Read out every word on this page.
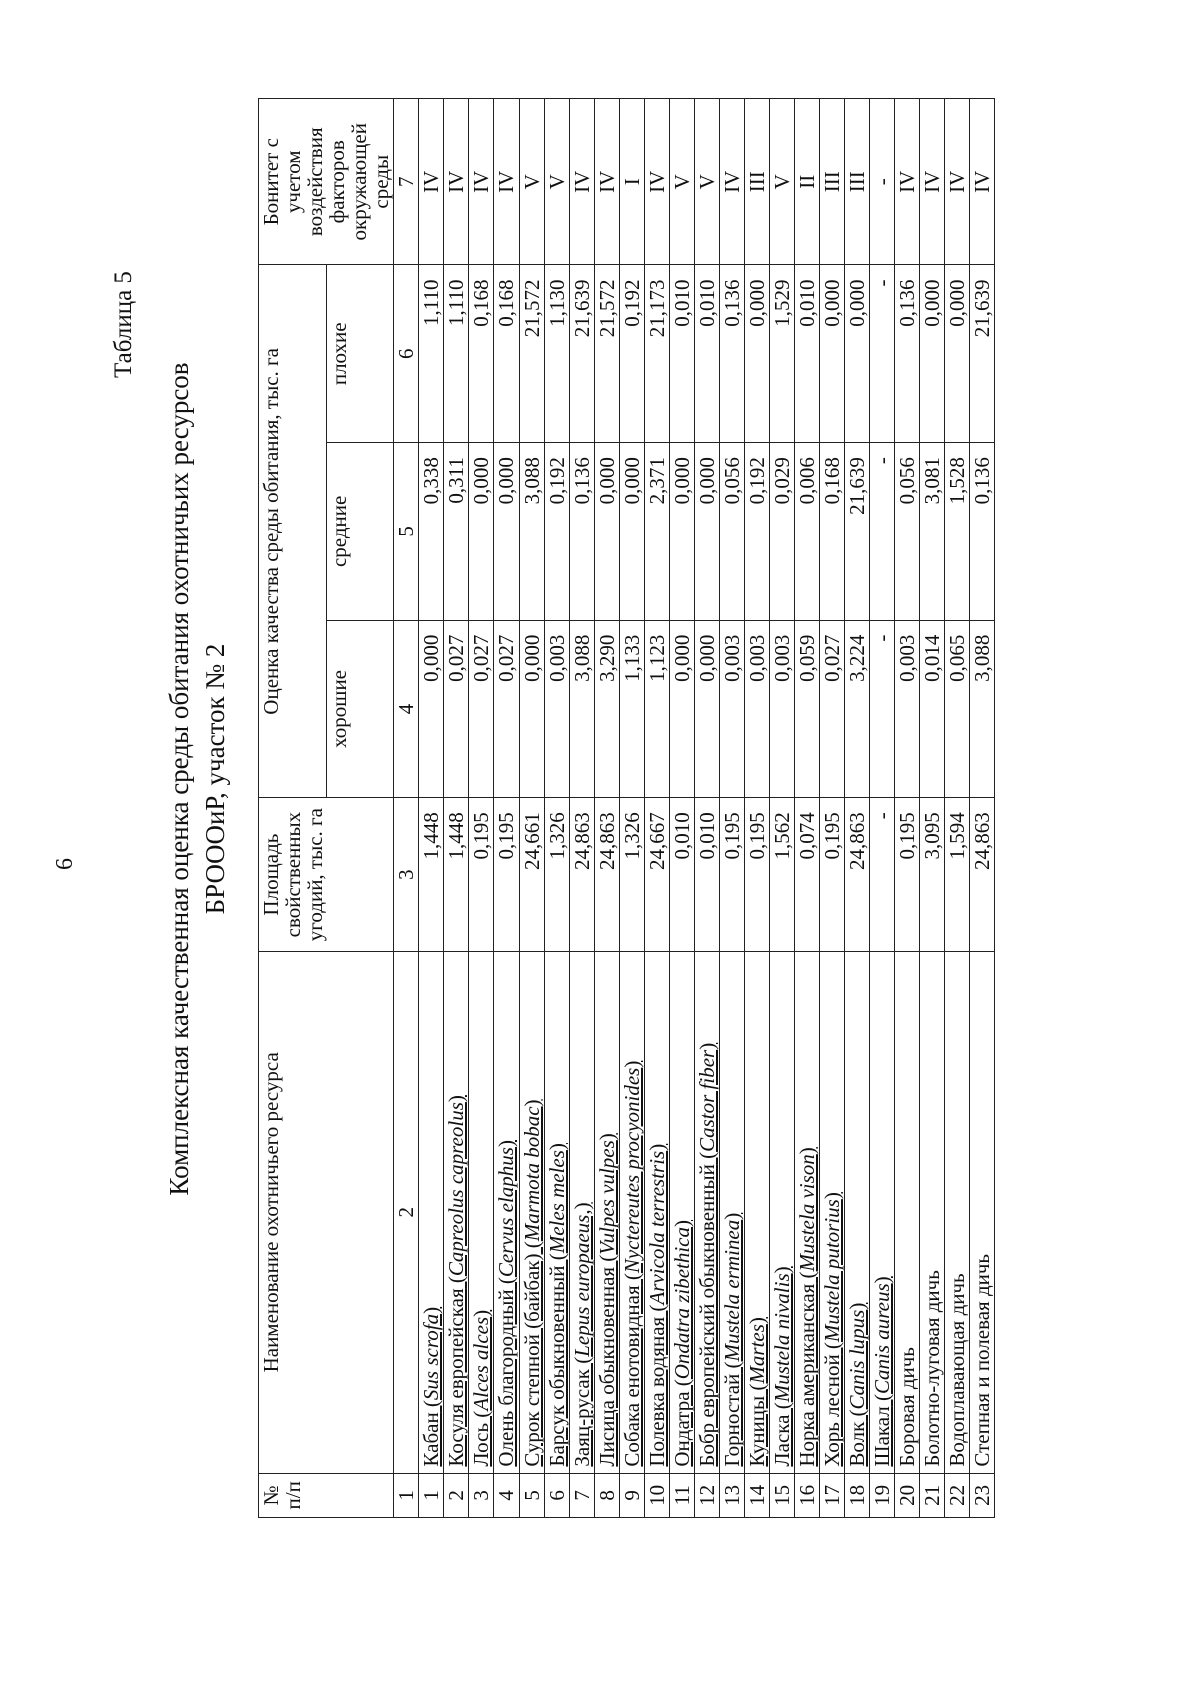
6
Таблица 5
Комплексная качественная оценка среды обитания охотничьих ресурсов БРОООиР, участок № 2
№ п/п	Наименование охотничьего ресурса	Площадь свойственных угодий, тыс. га	Оценка качества среды обитания, тыс. га			Бонитет с учетом воздействия факторов окружающей среды
			хорошие	средние	плохие	
1	2	3	4	5	6	7
1	Кабан (Sus scrofa)	1,448	0,000	0,338	1,110	IV
2	Косуля европейская (Capreolus capreolus)	1,448	0,027	0,311	1,110	IV
3	Лось (Alces alces)	0,195	0,027	0,000	0,168	IV
4	Олень благородный (Cervus elaphus)	0,195	0,027	0,000	0,168	IV
5	Сурок степной (байбак) (Marmota bobac)	24,661	0,000	3,088	21,572	V
6	Барсук обыкновенный (Meles meles)	1,326	0,003	0,192	1,130	V
7	Заяц-русак (Lepus europaeus,)	24,863	3,088	0,136	21,639	IV
8	Лисица обыкновенная (Vulpes vulpes)	24,863	3,290	0,000	21,572	IV
9	Собака енотовидная (Nyctereutes procyonides)	1,326	1,133	0,000	0,192	I
10	Полевка водяная (Arvicola terrestris)	24,667	1,123	2,371	21,173	IV
11	Ондатра (Ondatra zibethica)	0,010	0,000	0,000	0,010	V
12	Бобр европейский обыкновенный (Castor fiber)	0,010	0,000	0,000	0,010	V
13	Горностай (Mustela erminea)	0,195	0,003	0,056	0,136	IV
14	Куницы (Martes)	0,195	0,003	0,192	0,000	III
15	Ласка (Mustela nivalis)	1,562	0,003	0,029	1,529	V
16	Норка американская (Mustela vison)	0,074	0,059	0,006	0,010	II
17	Хорь лесной (Mustela putorius)	0,195	0,027	0,168	0,000	III
18	Волк (Canis lupus)	24,863	3,224	21,639	0,000	III
19	Шакал (Canis aureus)	-	-	-	-	-
20	Боровая дичь	0,195	0,003	0,056	0,136	IV
21	Болотно-луговая дичь	3,095	0,014	3,081	0,000	IV
22	Водоплавающая дичь	1,594	0,065	1,528	0,000	IV
23	Степная и полевая дичь	24,863	3,088	0,136	21,639	IV
